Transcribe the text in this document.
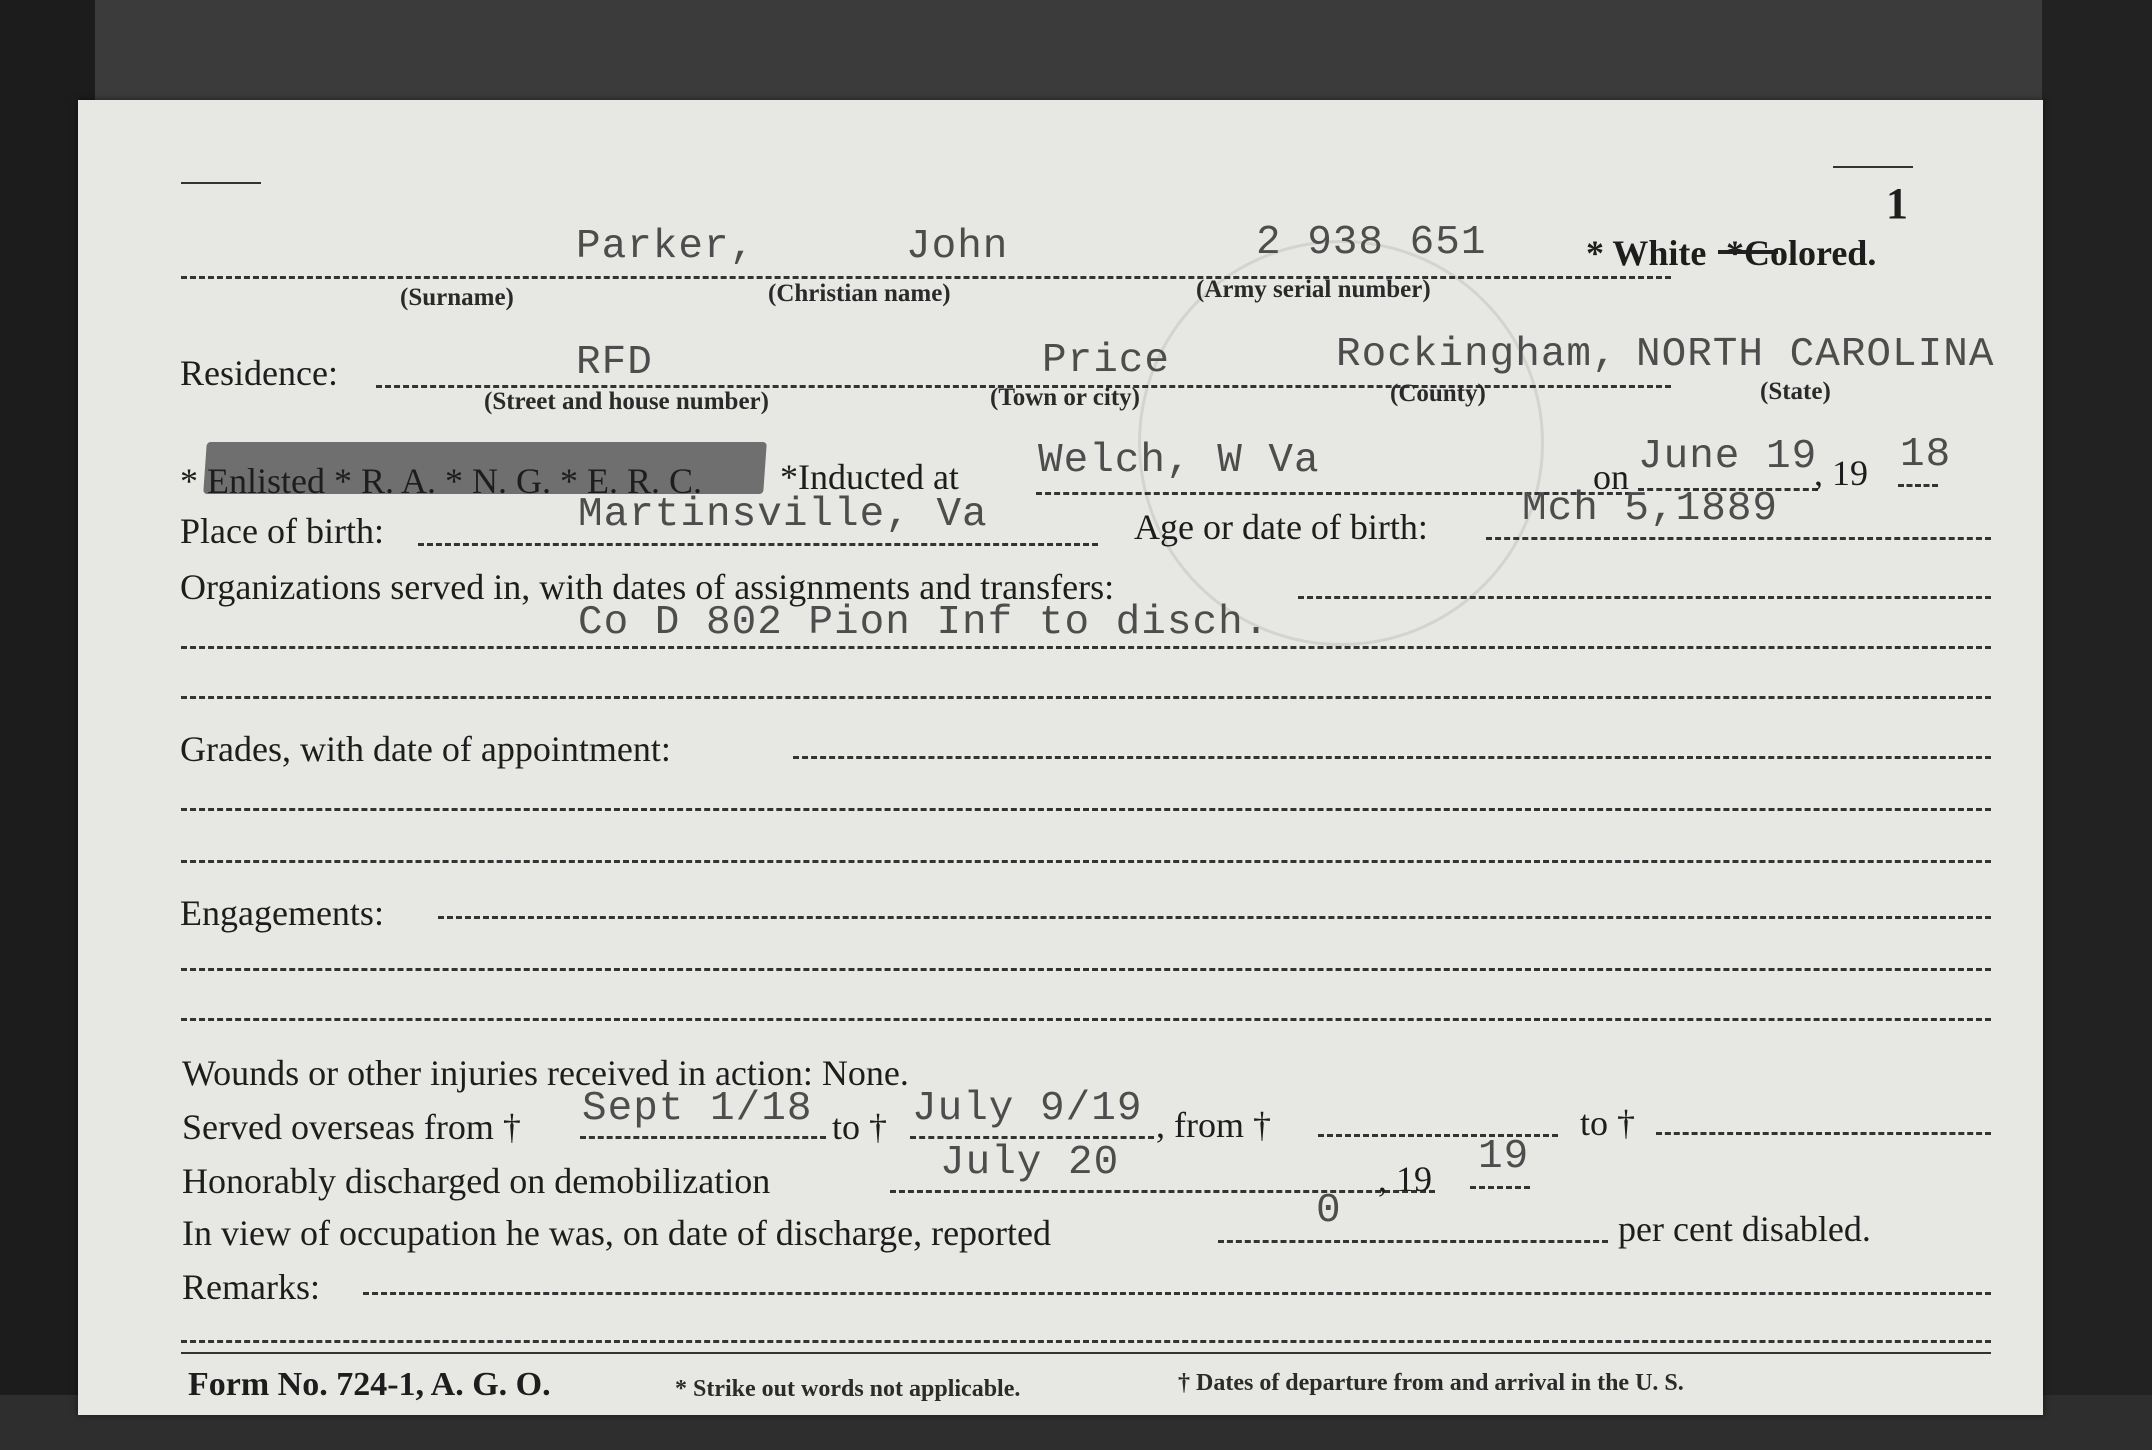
1
Parker,	John	2 938 651	* White *Colored.
(Surname)	(Christian name)	(Army serial number)
Residence:	RFD	Price	Rockingham, NORTH CAROLINA
(Street and house number)	(Town or city)	(County)	(State)
* Enlisted * R. A. * N. G. * E. R. C.	*Inducted at Welch, W Va	on June 19
, 19 18
Place of birth:	Martinsville, Va	Age or date of birth: Mch 5,1889
Organizations served in, with dates of assignments and transfers:
Co D 802 Pion Inf to disch.
Grades, with date of appointment:
Engagements:
Wounds or other injuries received in action: None.
Served overseas from † Sept 1/18 to † July 9/19 , from †	to †
Honorably discharged on demobilization	July 20	, 19 19
In view of occupation he was, on date of discharge, reported	0	per cent disabled.
Remarks:
Form No. 724-1, A. G. O.	* Strike out words not applicable.	† Dates of departure from and arrival in the U. S.
